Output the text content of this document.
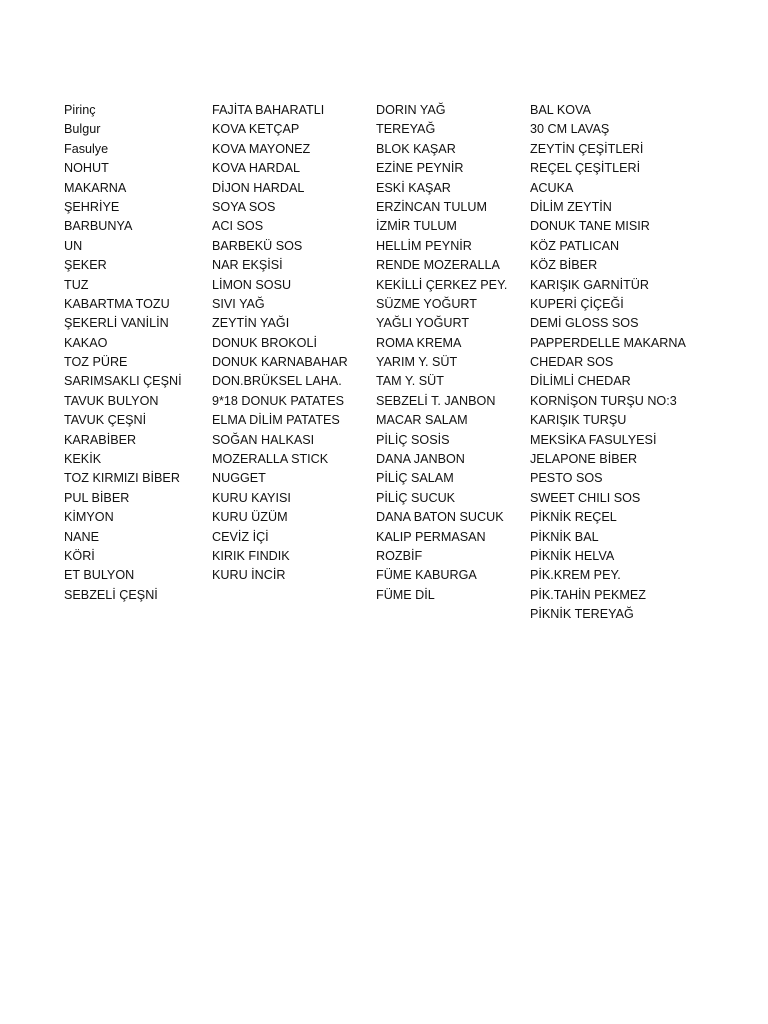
Pirinç
Bulgur
Fasulye
NOHUT
MAKARNA
ŞEHRİYE
BARBUNYA
UN
ŞEKER
TUZ
KABARTMA TOZU
ŞEKERLİ VANİLİN
KAKAO
TOZ PÜRE
SARIMSAKLI ÇEŞNİ
TAVUK BULYON
TAVUK ÇEŞNİ
KARABİBER
KEKİK
TOZ KIRMIZI BİBER
PUL BİBER
KİMYON
NANE
KÖRİ
ET BULYON
SEBZELİ ÇEŞNİ
FAJİTA BAHARATLI
KOVA KETÇAP
KOVA MAYONEZ
KOVA HARDAL
DİJON HARDAL
SOYA SOS
ACI SOS
BARBEKÜ SOS
NAR EKŞİSİ
LİMON SOSU
SIVI YAĞ
ZEYTİN YAĞI
DONUK BROKOLİ
DONUK KARNABAHAR
DON.BRÜKSEL LAHA.
9*18 DONUK PATATES
ELMA DİLİM PATATES
SOĞAN HALKASI
MOZERALLA STICK
NUGGET
KURU KAYISI
KURU ÜZÜM
CEVİZ İÇİ
KIRIK FINDIK
KURU İNCİR
DORIN YAĞ
TEREYAĞ
BLOK KAŞAR
EZİNE PEYNİR
ESKİ KAŞAR
ERZİNCAN TULUM
İZMİR TULUM
HELLİM PEYNİR
RENDE MOZERALLA
KEKİLLİ ÇERKEZ PEY.
SÜZME YOĞURT
YAĞLI YOĞURT
ROMA KREMA
YARIM Y. SÜT
TAM Y. SÜT
SEBZELİ T. JANBON
MACAR SALAM
PİLİÇ SOSİS
DANA JANBON
PİLİÇ SALAM
PİLİÇ SUCUK
DANA BATON SUCUK
KALIP PERMASAN
ROZBİF
FÜME KABURGA
FÜME DİL
BAL KOVA
30 CM LAVAŞ
ZEYTİN ÇEŞİTLERİ
REÇEL ÇEŞİTLERİ
ACUKA
DİLİM ZEYTİN
DONUK TANE MISIR
KÖZ PATLICAN
KÖZ BİBER
KARIŞIK GARNİTÜR
KUPERİ ÇİÇEĞİ
DEMİ GLOSS SOS
PAPPERDELLE MAKARNA
CHEDAR SOS
DİLİMLİ CHEDAR
KORNİŞON TURŞU NO:3
KARIŞIK TURŞU
MEKSİKA FASULYESİ
JELAPONE BİBER
PESTO SOS
SWEET CHILI SOS
PİKNİK REÇEL
PİKNİK BAL
PİKNİK HELVA
PİK.KREM PEY.
PİK.TAHİN PEKMEZ
PİKNİK TEREYAĞ
